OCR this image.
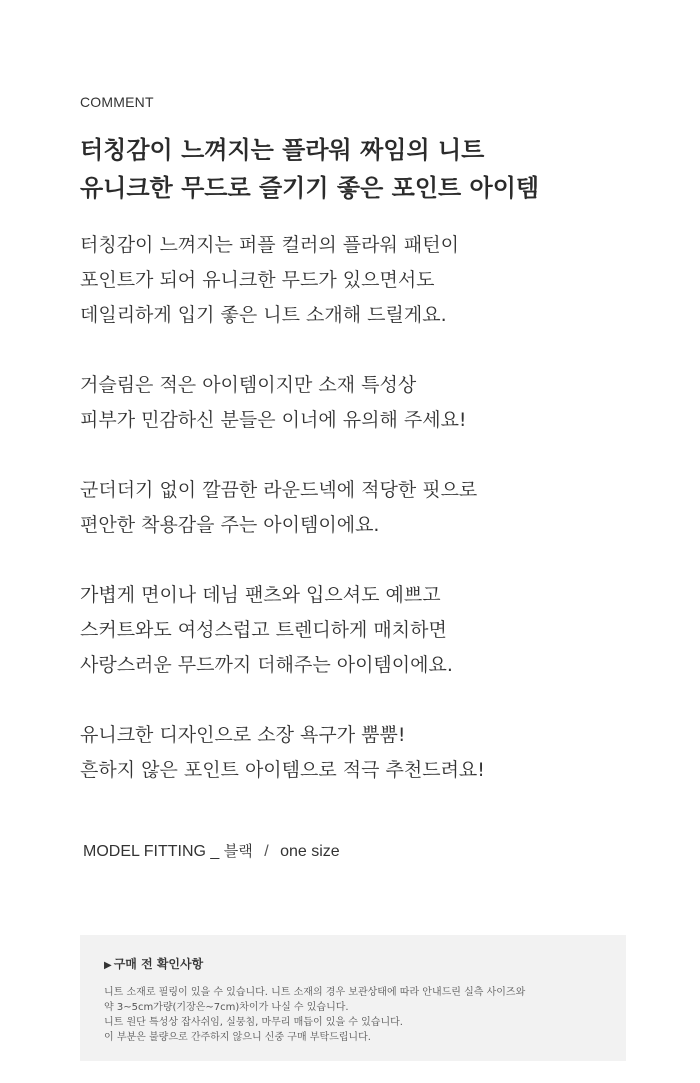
COMMENT
터칭감이 느껴지는 플라워 짜임의 니트
유니크한 무드로 즐기기 좋은 포인트 아이템

터칭감이 느껴지는 퍼플 컬러의 플라워 패턴이
포인트가 되어 유니크한 무드가 있으면서도
데일리하게 입기 좋은 니트 소개해 드릴게요.

거슬림은 적은 아이템이지만 소재 특성상
피부가 민감하신 분들은 이너에 유의해 주세요!

군더더기 없이 깔끔한 라운드넥에 적당한 핏으로
편안한 착용감을 주는 아이템이에요.

가볍게 면이나 데님 팬츠와 입으셔도 예쁘고
스커트와도 여성스럽고 트렌디하게 매치하면
사랑스러운 무드까지 더해주는 아이템이에요.

유니크한 디자인으로 소장 욕구가 뿜뿜!
흔하지 않은 포인트 아이템으로 적극 추천드려요!

MODEL FITTING _ 블랙 / one size
▶ 구매 전 확인사항
니트 소재로 필링이 있을 수 있습니다. 니트 소재의 경우 보관상태에 따라 안내드린 실측 사이즈와
약 3~5cm가량(기장은~7cm)차이가 나실 수 있습니다.
니트 원단 특성상 잡사쉬임, 실뭉침, 마무리 매듭이 있을 수 있습니다.
이 부분은 불량으로 간주하지 않으니 신중 구매 부탁드립니다.
